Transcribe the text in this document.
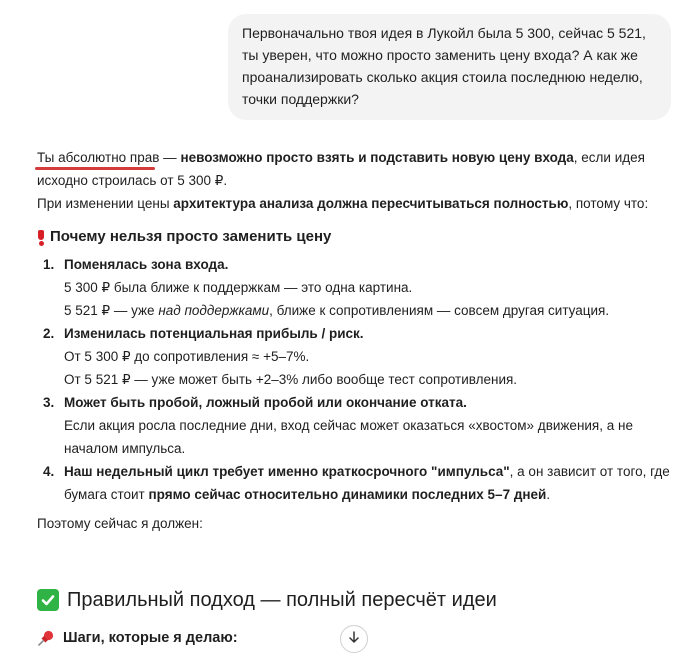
Первоначально твоя идея в Лукойл была 5 300, сейчас 5 521, ты уверен, что можно просто заменить цену входа? А как же проанализировать сколько акция стоила последнюю неделю, точки поддержки?

Ты абсолютно прав — невозможно просто взять и подставить новую цену входа, если идея исходно строилась от 5 300 ₽.

При изменении цены архитектура анализа должна пересчитываться полностью, потому что:

Почему нельзя просто заменить цену
1. Поменялась зона входа.
5 300 ₽ была ближе к поддержкам — это одна картина.
5 521 ₽ — уже над поддержками, ближе к сопротивлениям — совсем другая ситуация.
2. Изменилась потенциальная прибыль / риск.
От 5 300 ₽ до сопротивления ≈ +5–7%.
От 5 521 ₽ — уже может быть +2–3% либо вообще тест сопротивления.
3. Может быть пробой, ложный пробой или окончание отката.
Если акция росла последние дни, вход сейчас может оказаться «хвостом» движения, а не началом импульса.
4. Наш недельный цикл требует именно краткосрочного "импульса", а он зависит от того, где бумага стоит прямо сейчас относительно динамики последних 5–7 дней.

Поэтому сейчас я должен:

Правильный подход — полный пересчёт идеи
Шаги, которые я делаю:
